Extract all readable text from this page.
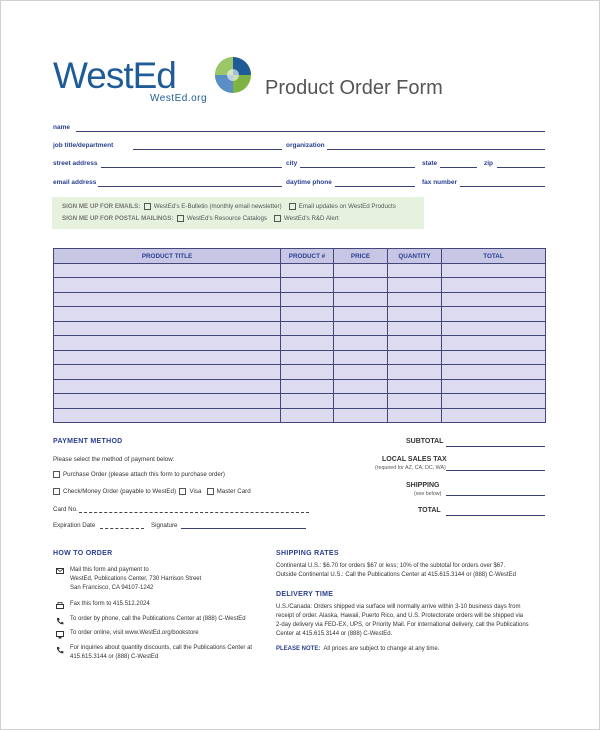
WestEd
WestEd.org	Product Order Form
name
job title/department	organization
street address	city	state	zip
email address	daytime phone	fax number
SIGN ME UP FOR EMAILS: WestEd's E-Bulletin (monthly email newsletter)	Email updates on WestEd Products
SIGN ME UP FOR POSTAL MAILINGS: WestEd's Resource Catalogs	WestEd's R&D Alert
PRODUCT TITLE	PRODUCT #	PRICE	QUANTITY	TOTAL

PAYMENT METHOD
Please select the method of payment below:
Purchase Order (please attach this form to purchase order)
Check/Money Order (payable to WestEd) Visa Master Card
Card No.
Expiration Date	Signature
SUBTOTAL
LOCAL SALES TAX
(required for AZ, CA, DC, WA)
SHIPPING
(see below)
TOTAL
HOW TO ORDER
Mail this form and payment to
WestEd, Publications Center, 730 Harrison Street
San Francisco, CA 94107-1242
Fax this form to 415.512.2024
To order by phone, call the Publications Center at (888) C-WestEd
To order online, visit www.WestEd.org/bookstore
For inquiries about quantity discounts, call the Publications Center at
415.615.3144 or (888) C-WestEd
SHIPPING RATES
Continental U.S.: $6.70 for orders $67 or less; 10% of the subtotal for orders over $67.
Outside Continental U.S.: Call the Publications Center at 415.615.3144 or (888) C-WestEd
DELIVERY TIME
U.S./Canada: Orders shipped via surface will normally arrive within 3-10 business days from
receipt of order. Alaska, Hawaii, Puerto Rico, and U.S. Protectorate orders will be shipped via
2-day delivery via FED-EX, UPS, or Priority Mail. For international delivery, call the Publications
Center at 415.615.3144 or (888) C-WestEd.
PLEASE NOTE: All prices are subject to change at any time.
